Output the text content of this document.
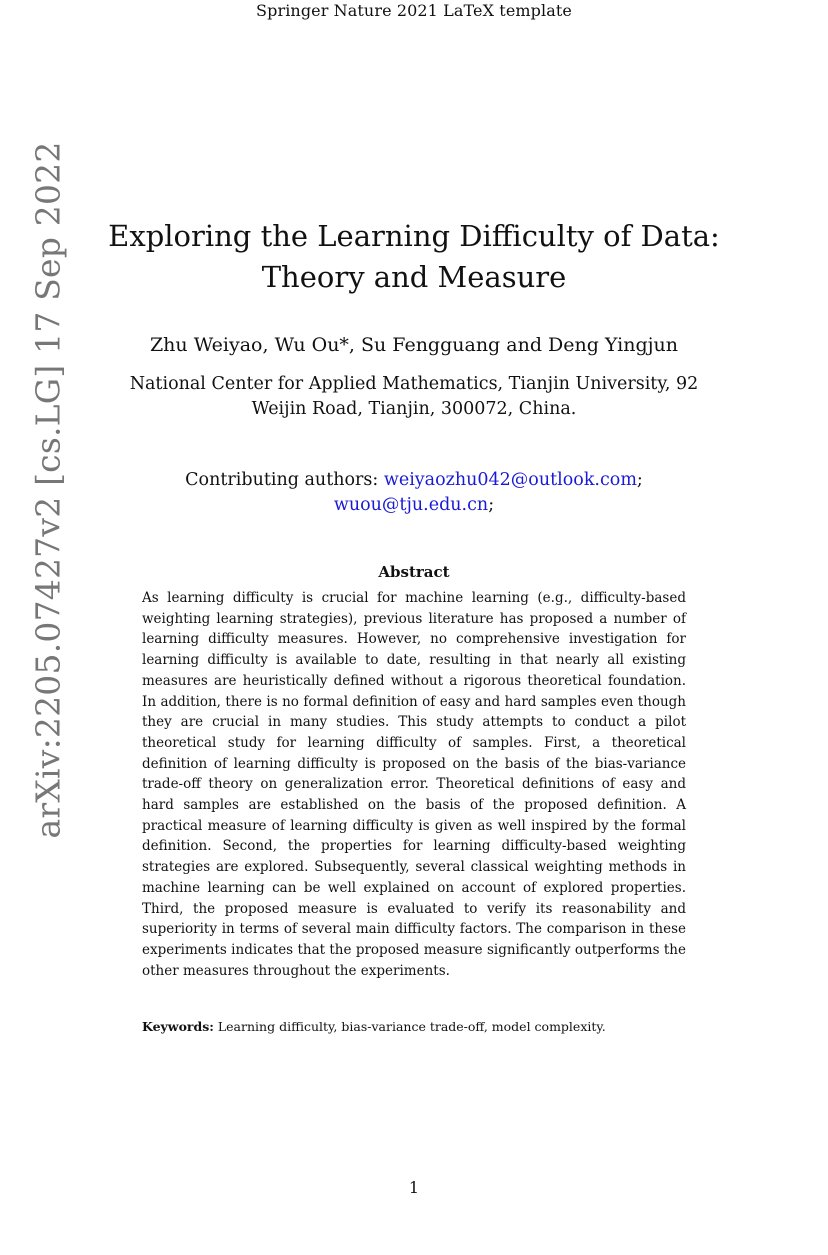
Springer Nature 2021 LaTeX template
arXiv:2205.07427v2 [cs.LG] 17 Sep 2022 Exploring the Learning Difficulty of Data:
Theory and Measure
Zhu Weiyao, Wu Ou*, Su Fengguang and Deng Yingjun
National Center for Applied Mathematics, Tianjin University, 92
Weijin Road, Tianjin, 300072, China.
Contributing authors: weiyaozhu042@outlook.com;
wuou@tju.edu.cn;
Abstract
As learning difficulty is crucial for machine learning (e.g., difficulty-based weighting learning strategies), previous literature has proposed a number of learning difficulty measures. However, no comprehensive investigation for learning difficulty is available to date, resulting in that nearly all existing measures are heuristically defined without a rigorous theoretical foundation. In addition, there is no formal definition of easy and hard samples even though they are crucial in many studies. This study attempts to conduct a pilot theoretical study for learning difficulty of samples. First, a theoretical definition of learning difficulty is proposed on the basis of the bias-variance trade-off theory on generalization error. Theoretical definitions of easy and hard samples are established on the basis of the proposed definition. A practical measure of learning difficulty is given as well inspired by the formal definition. Second, the properties for learning difficulty-based weighting strategies are explored. Subsequently, several classical weighting methods in machine learning can be well explained on account of explored properties. Third, the proposed measure is evaluated to verify its reasonability and superiority in terms of several main difficulty factors. The comparison in these experiments indicates that the proposed measure significantly outperforms the other measures throughout the experiments.
Keywords: Learning difficulty, bias-variance trade-off, model complexity.
1
